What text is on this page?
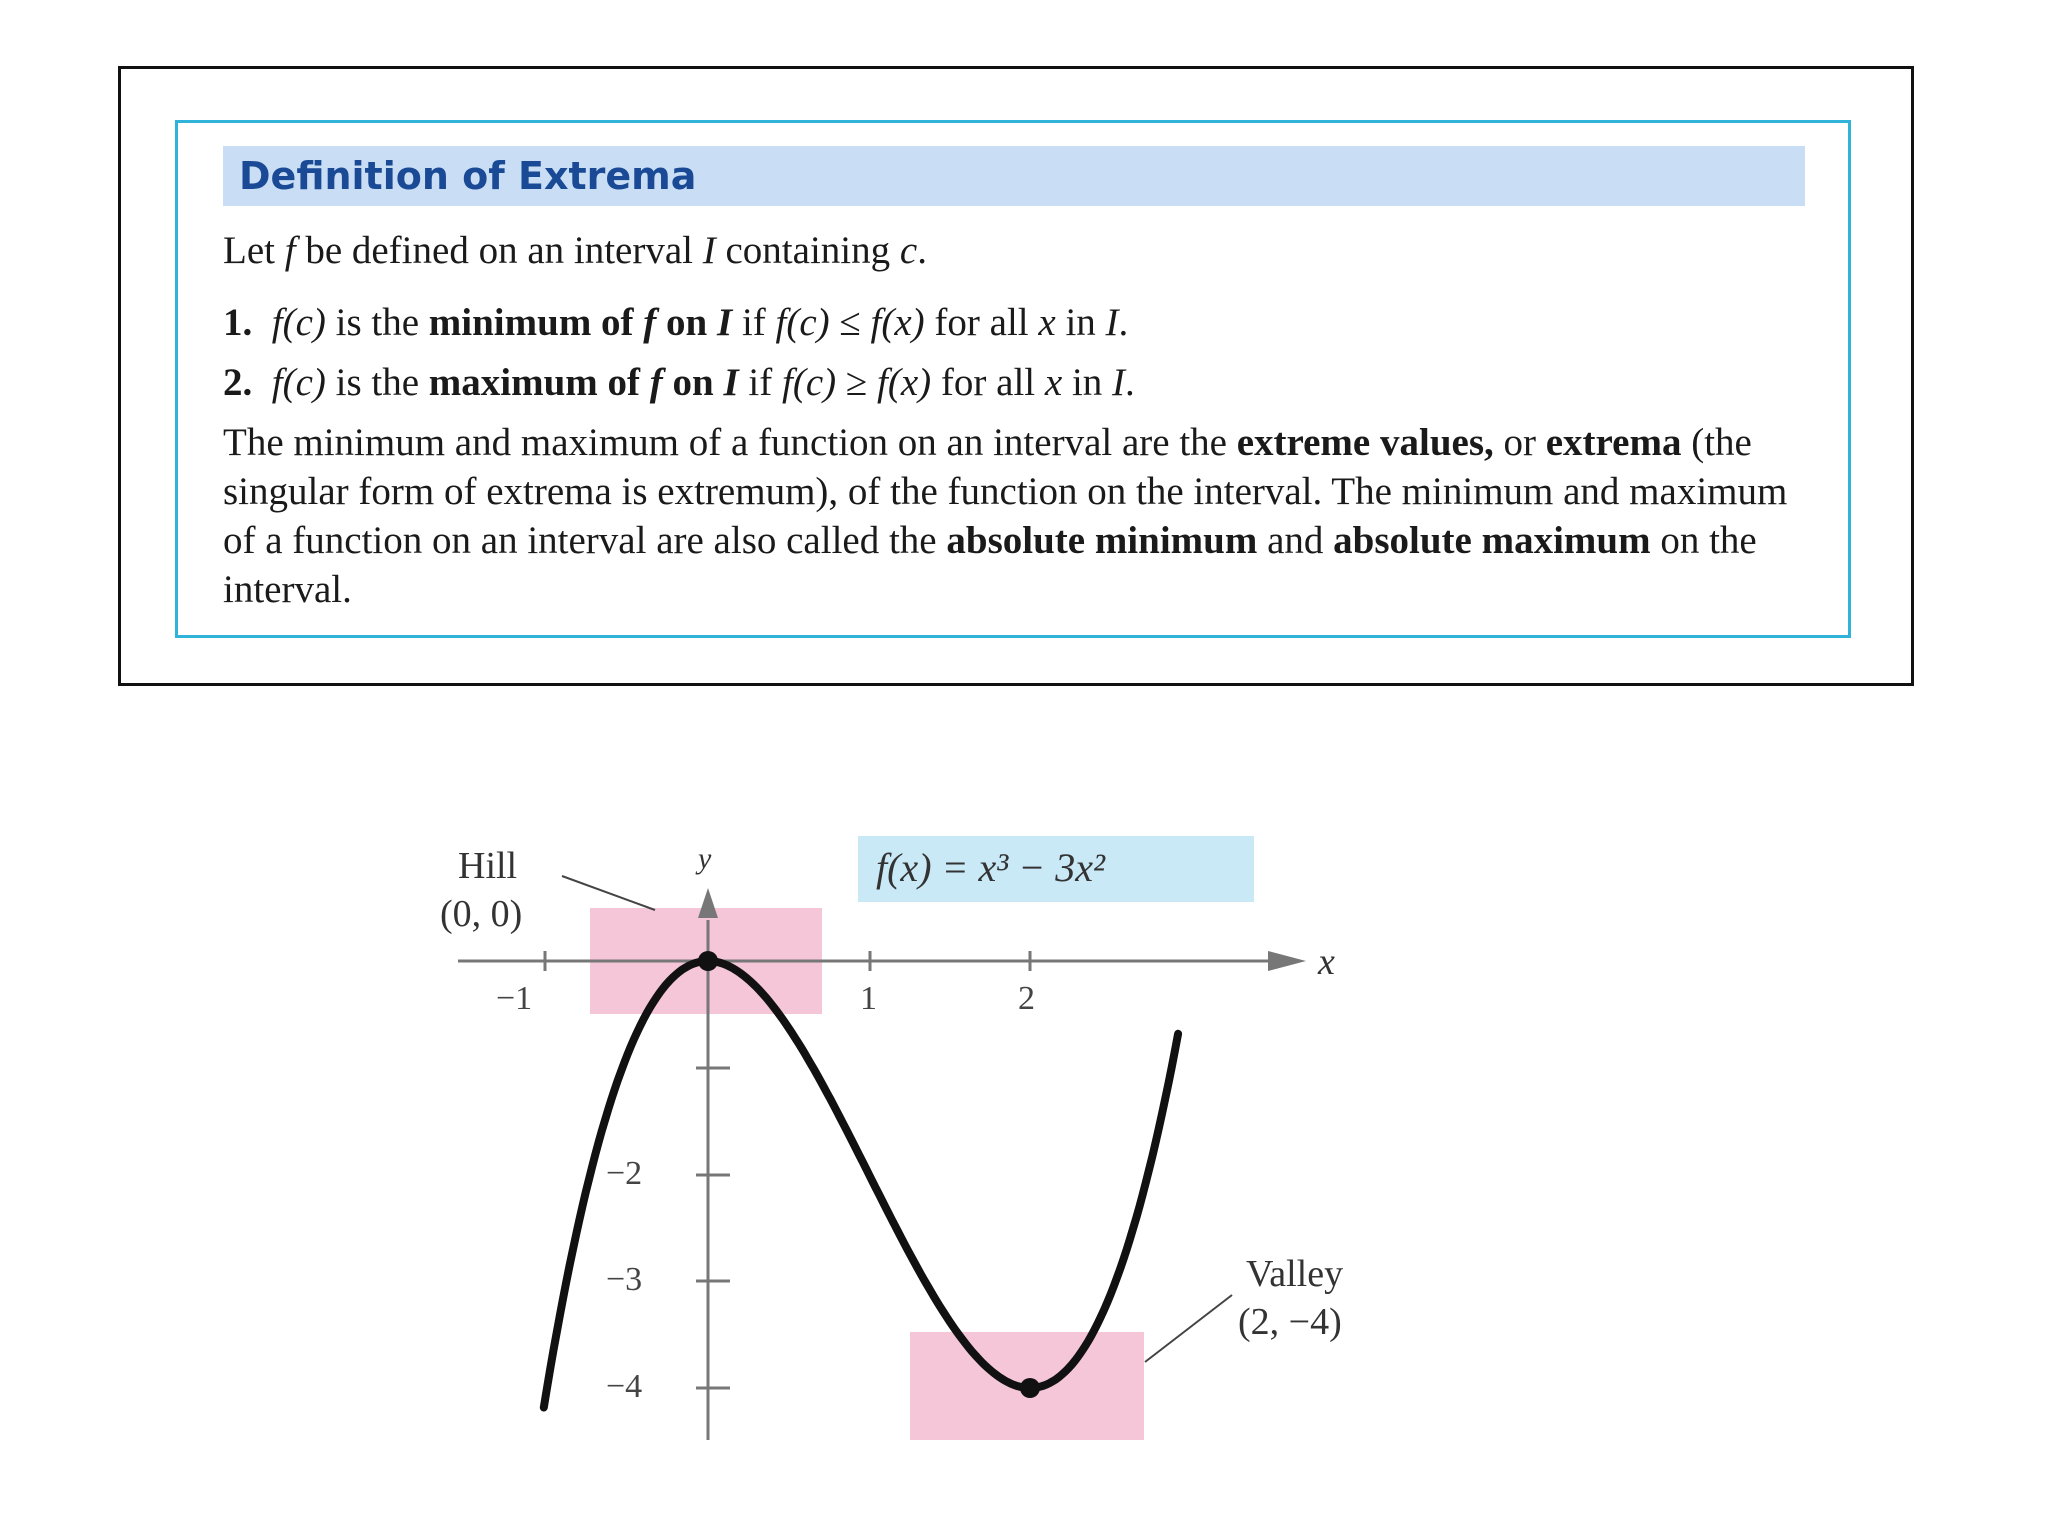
Definition of Extrema
Let f be defined on an interval I containing c.
1. f(c) is the minimum of f on I if f(c) ≤ f(x) for all x in I.
2. f(c) is the maximum of f on I if f(c) ≥ f(x) for all x in I.
The minimum and maximum of a function on an interval are the extreme values, or extrema (the singular form of extrema is extremum), of the function on the interval. The minimum and maximum of a function on an interval are also called the absolute minimum and absolute maximum on the interval.
Hill
(0, 0)
y
x
−1	1	2
−2
−3
−4
Valley
(2, −4)
f(x) = x³ − 3x²
